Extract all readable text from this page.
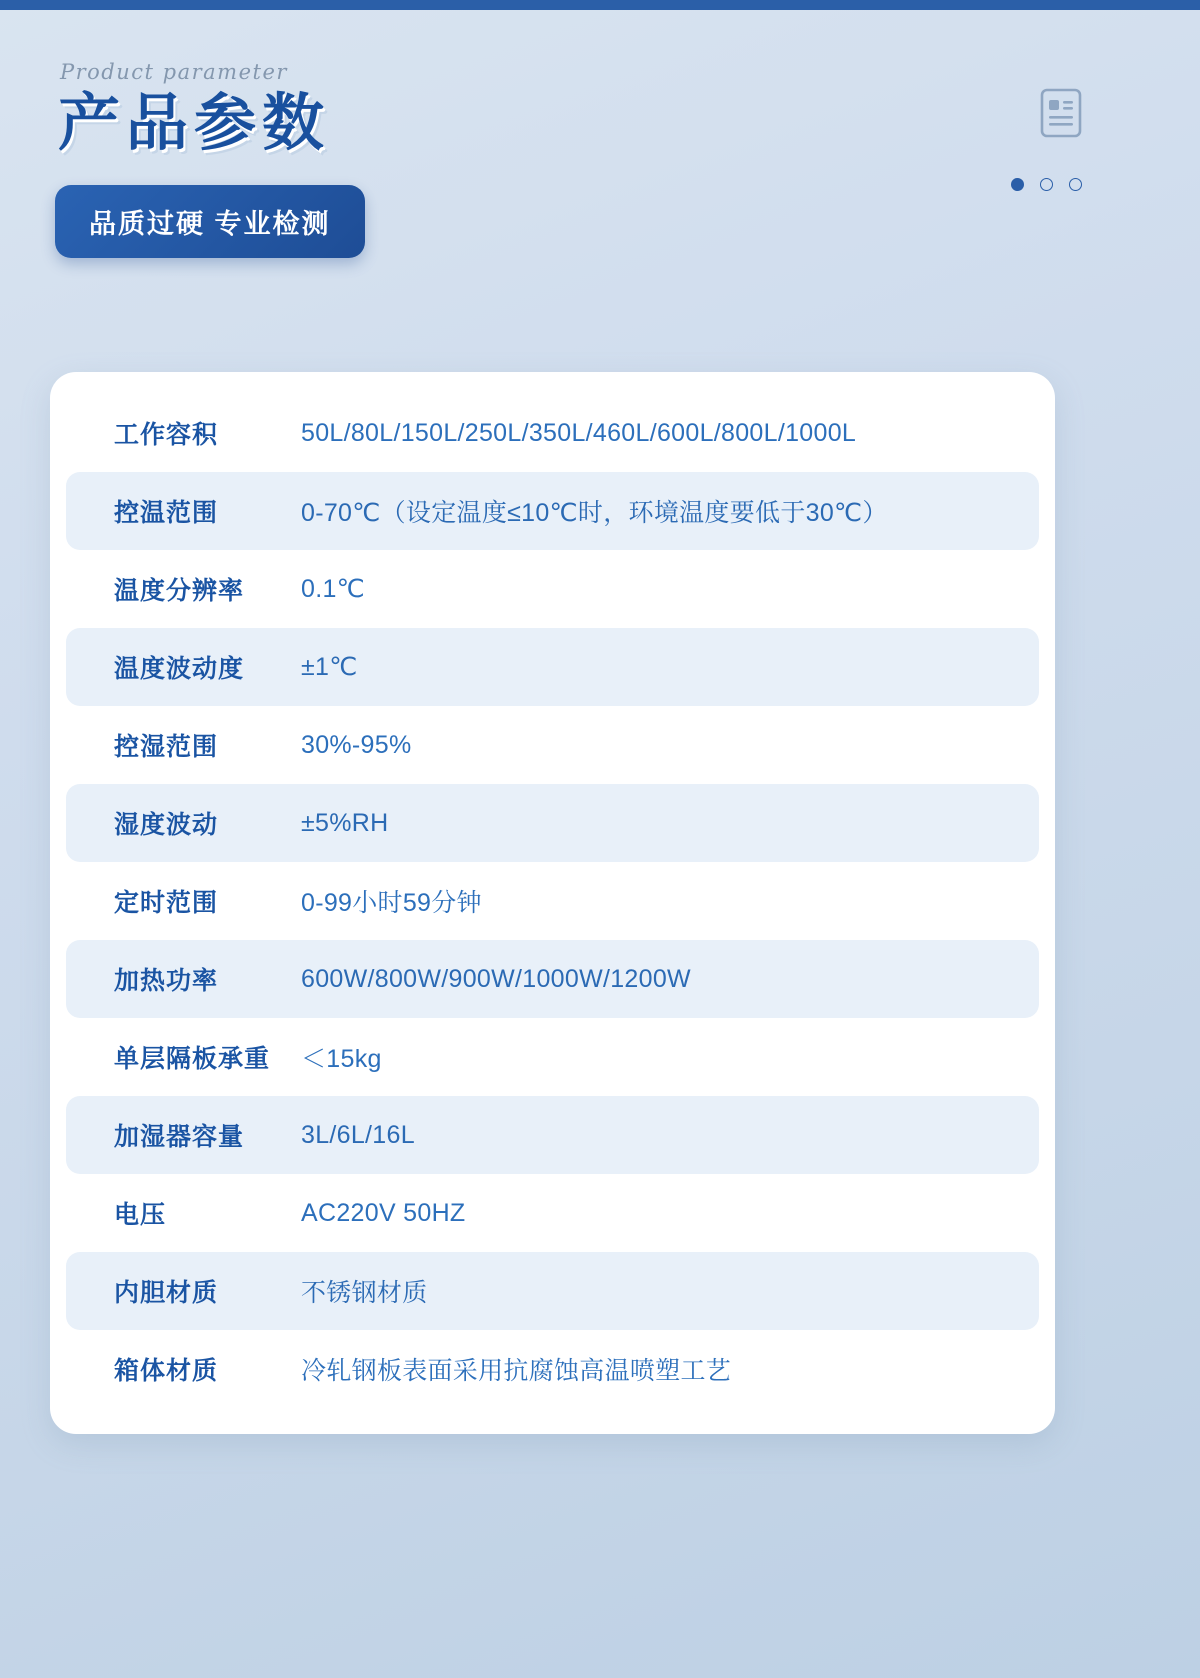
Product parameter

产品参数
品质过硬 专业检测
工作容积	50L/80L/150L/250L/350L/460L/600L/800L/1000L
控温范围	0-70℃（设定温度≤10℃时，环境温度要低于30℃）
温度分辨率	0.1℃
温度波动度	±1℃
控湿范围	30%-95%
湿度波动	±5%RH
定时范围	0-99小时59分钟
加热功率	600W/800W/900W/1000W/1200W
单层隔板承重	＜15kg
加湿器容量	3L/6L/16L
电压	AC220V 50HZ
内胆材质	不锈钢材质
箱体材质	冷轧钢板表面采用抗腐蚀高温喷塑工艺
